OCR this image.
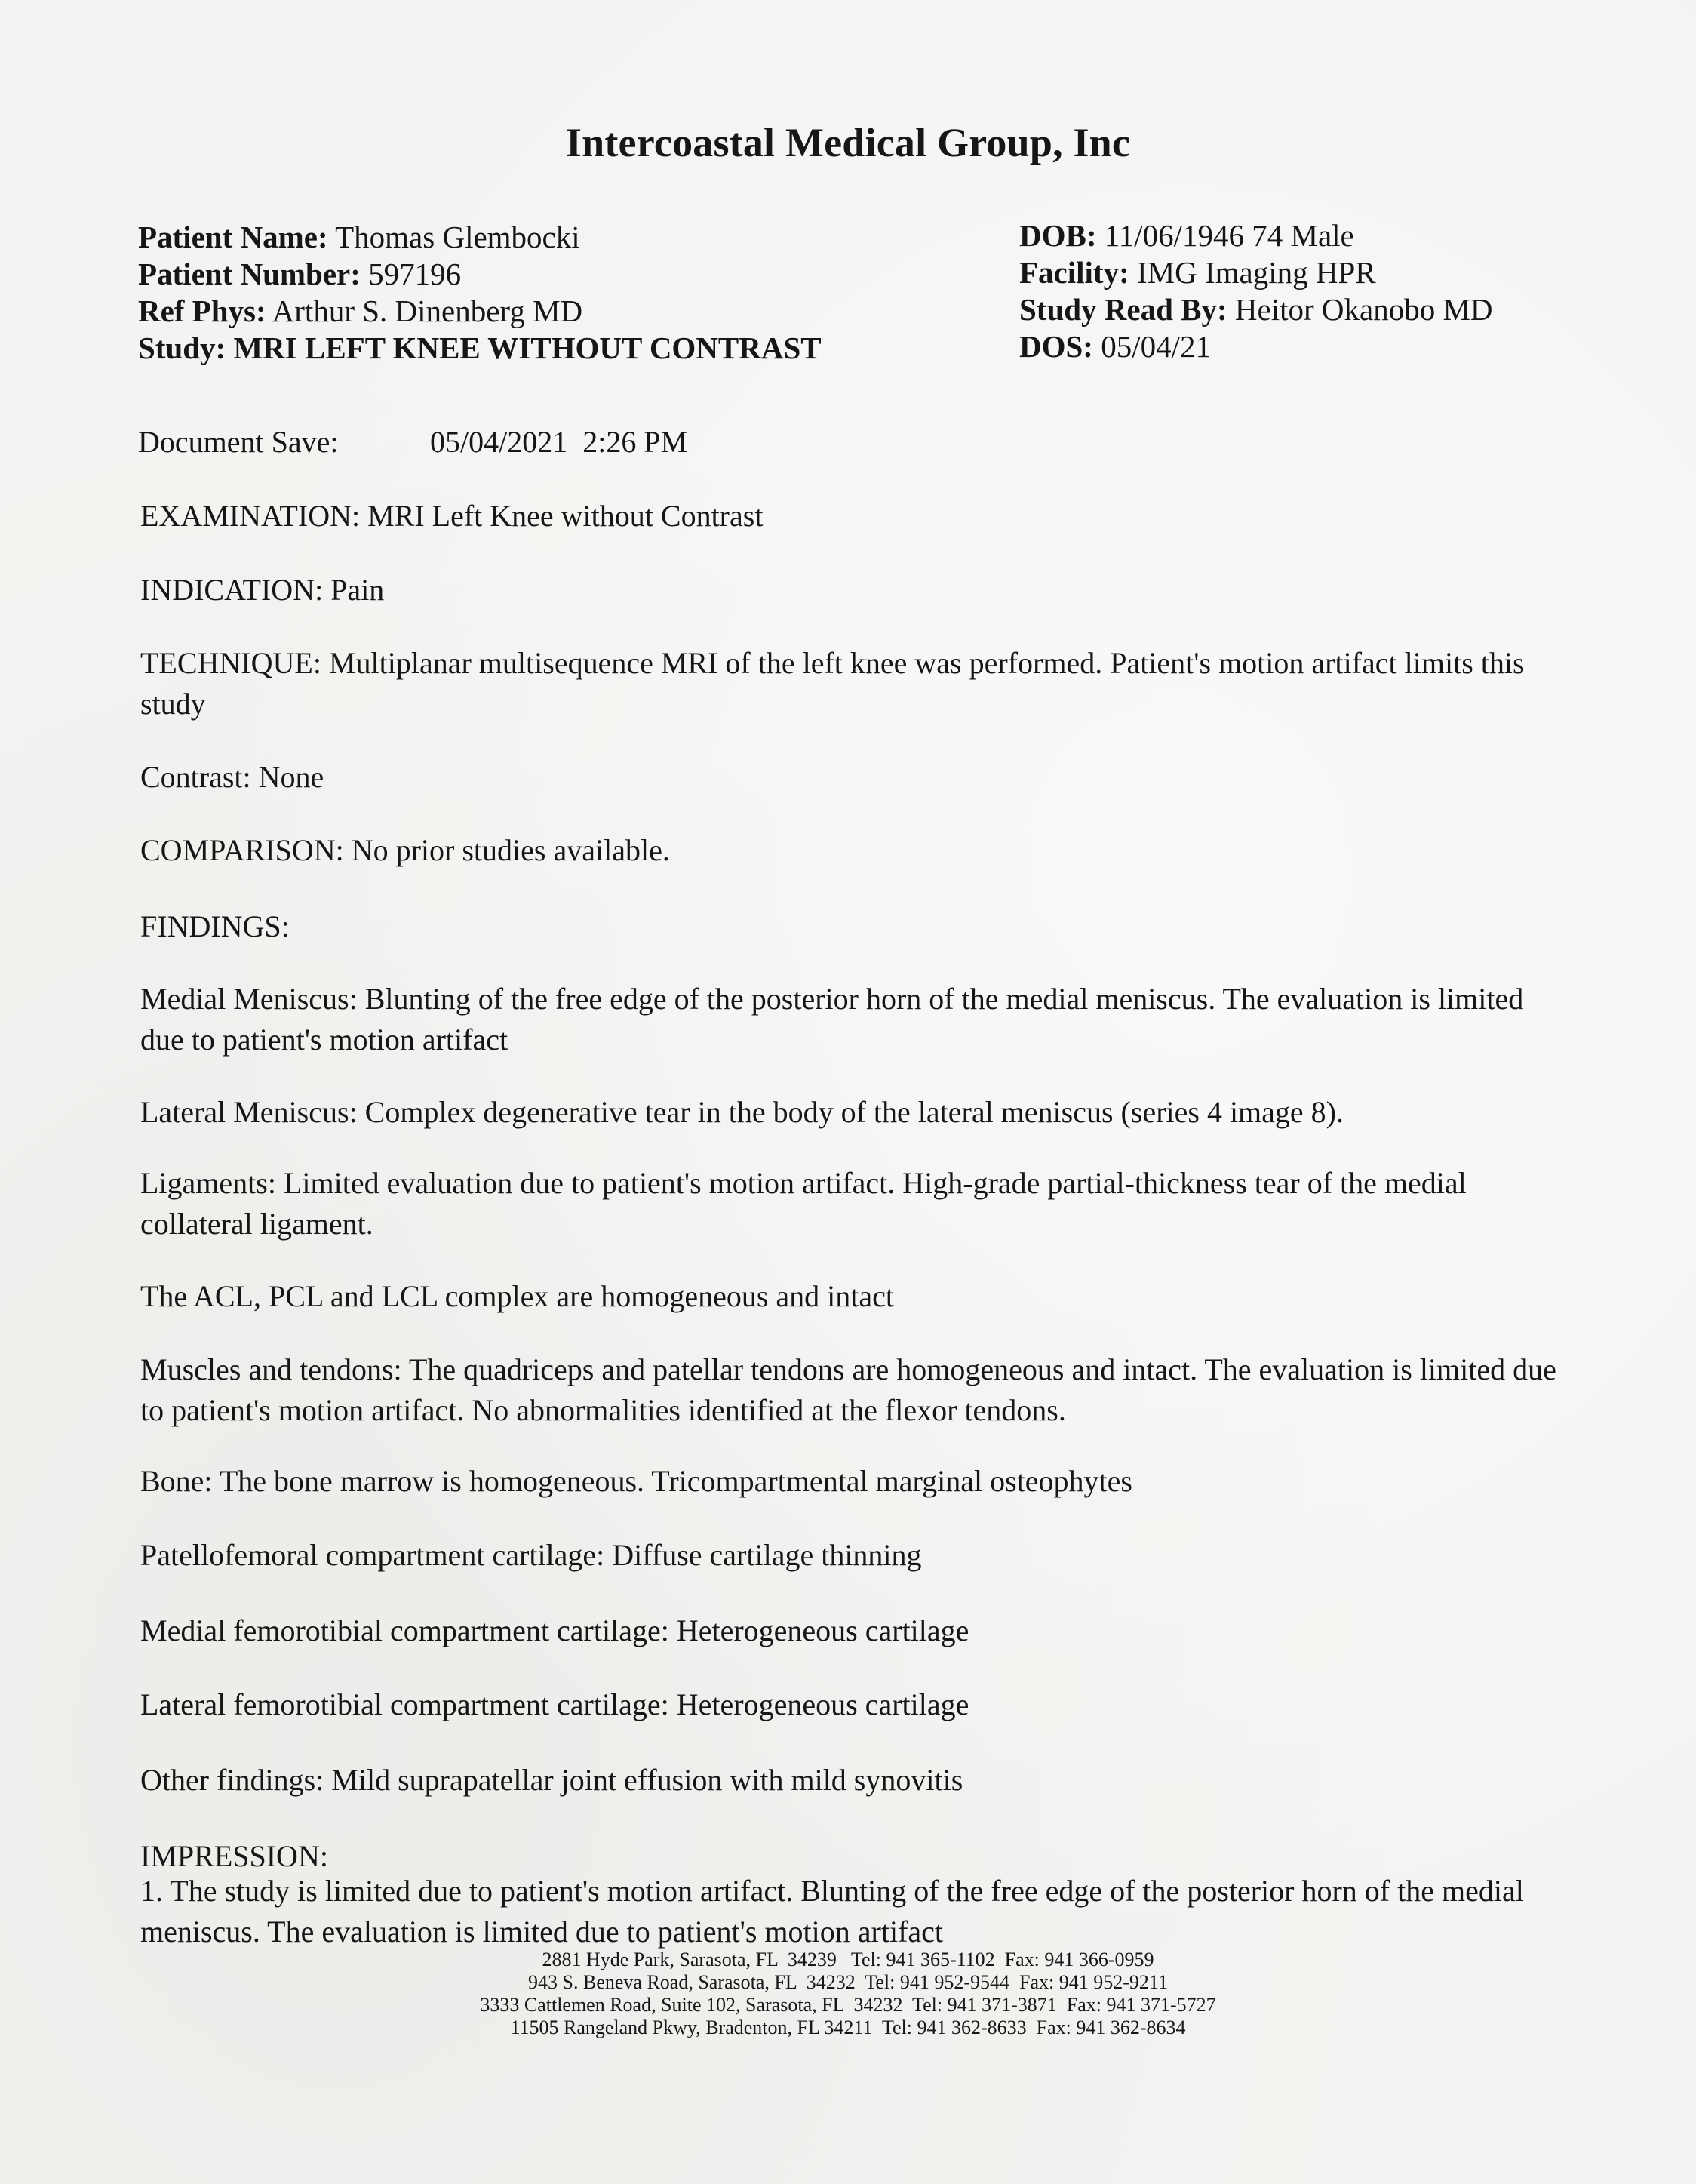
Intercoastal Medical Group, Inc
Patient Name: Thomas Glembocki
Patient Number: 597196
Ref Phys: Arthur S. Dinenberg MD
Study: MRI LEFT KNEE WITHOUT CONTRAST
DOB: 11/06/1946 74 Male
Facility: IMG Imaging HPR
Study Read By: Heitor Okanobo MD
DOS: 05/04/21
Document Save:	05/04/2021  2:26 PM
EXAMINATION: MRI Left Knee without Contrast
INDICATION: Pain
TECHNIQUE: Multiplanar multisequence MRI of the left knee was performed. Patient's motion artifact limits this study
Contrast: None
COMPARISON: No prior studies available.
FINDINGS:
Medial Meniscus: Blunting of the free edge of the posterior horn of the medial meniscus. The evaluation is limited due to patient's motion artifact
Lateral Meniscus: Complex degenerative tear in the body of the lateral meniscus (series 4 image 8).
Ligaments: Limited evaluation due to patient's motion artifact. High-grade partial-thickness tear of the medial collateral ligament.
The ACL, PCL and LCL complex are homogeneous and intact
Muscles and tendons: The quadriceps and patellar tendons are homogeneous and intact. The evaluation is limited due to patient's motion artifact. No abnormalities identified at the flexor tendons.
Bone: The bone marrow is homogeneous. Tricompartmental marginal osteophytes
Patellofemoral compartment cartilage: Diffuse cartilage thinning
Medial femorotibial compartment cartilage: Heterogeneous cartilage
Lateral femorotibial compartment cartilage: Heterogeneous cartilage
Other findings: Mild suprapatellar joint effusion with mild synovitis
IMPRESSION:
1. The study is limited due to patient's motion artifact. Blunting of the free edge of the posterior horn of the medial meniscus. The evaluation is limited due to patient's motion artifact
2881 Hyde Park, Sarasota, FL  34239   Tel: 941 365-1102  Fax: 941 366-0959
943 S. Beneva Road, Sarasota, FL  34232  Tel: 941 952-9544  Fax: 941 952-9211
3333 Cattlemen Road, Suite 102, Sarasota, FL  34232  Tel: 941 371-3871  Fax: 941 371-5727
11505 Rangeland Pkwy, Bradenton, FL 34211  Tel: 941 362-8633  Fax: 941 362-8634
